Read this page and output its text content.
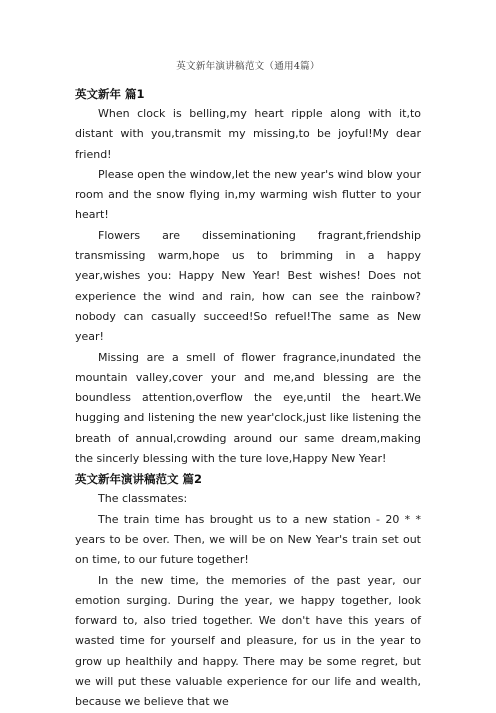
英文新年演讲稿范文（通用4篇）

英文新年 篇1

When clock is belling,my heart ripple along with it,to distant with you,transmit my missing,to be joyful!My dear friend!

Please open the window,let the new year's wind blow your room and the snow flying in,my warming wish flutter to your heart!

Flowers are disseminationing fragrant,friendship transmissing warm,hope us to brimming in a happy year,wishes you: Happy New Year! Best wishes! Does not experience the wind and rain, how can see the rainbow?nobody can casually succeed!So refuel!The same as New year!

Missing are a smell of flower fragrance,inundated the mountain valley,cover your and me,and blessing are the boundless attention,overflow the eye,until the heart.We hugging and listening the new year'clock,just like listening the breath of annual,crowding around our same dream,making the sincerly blessing with the ture love,Happy New Year!

英文新年演讲稿范文 篇2

The classmates:

The train time has brought us to a new station - 20 * * years to be over. Then, we will be on New Year's train set out on time, to our future together!

In the new time, the memories of the past year, our emotion surging. During the year, we happy together, look forward to, also tried together. We don't have this years of wasted time for yourself and pleasure, for us in the year to grow up healthily and happy. There may be some regret, but we will put these valuable experience for our life and wealth, because we believe that we
